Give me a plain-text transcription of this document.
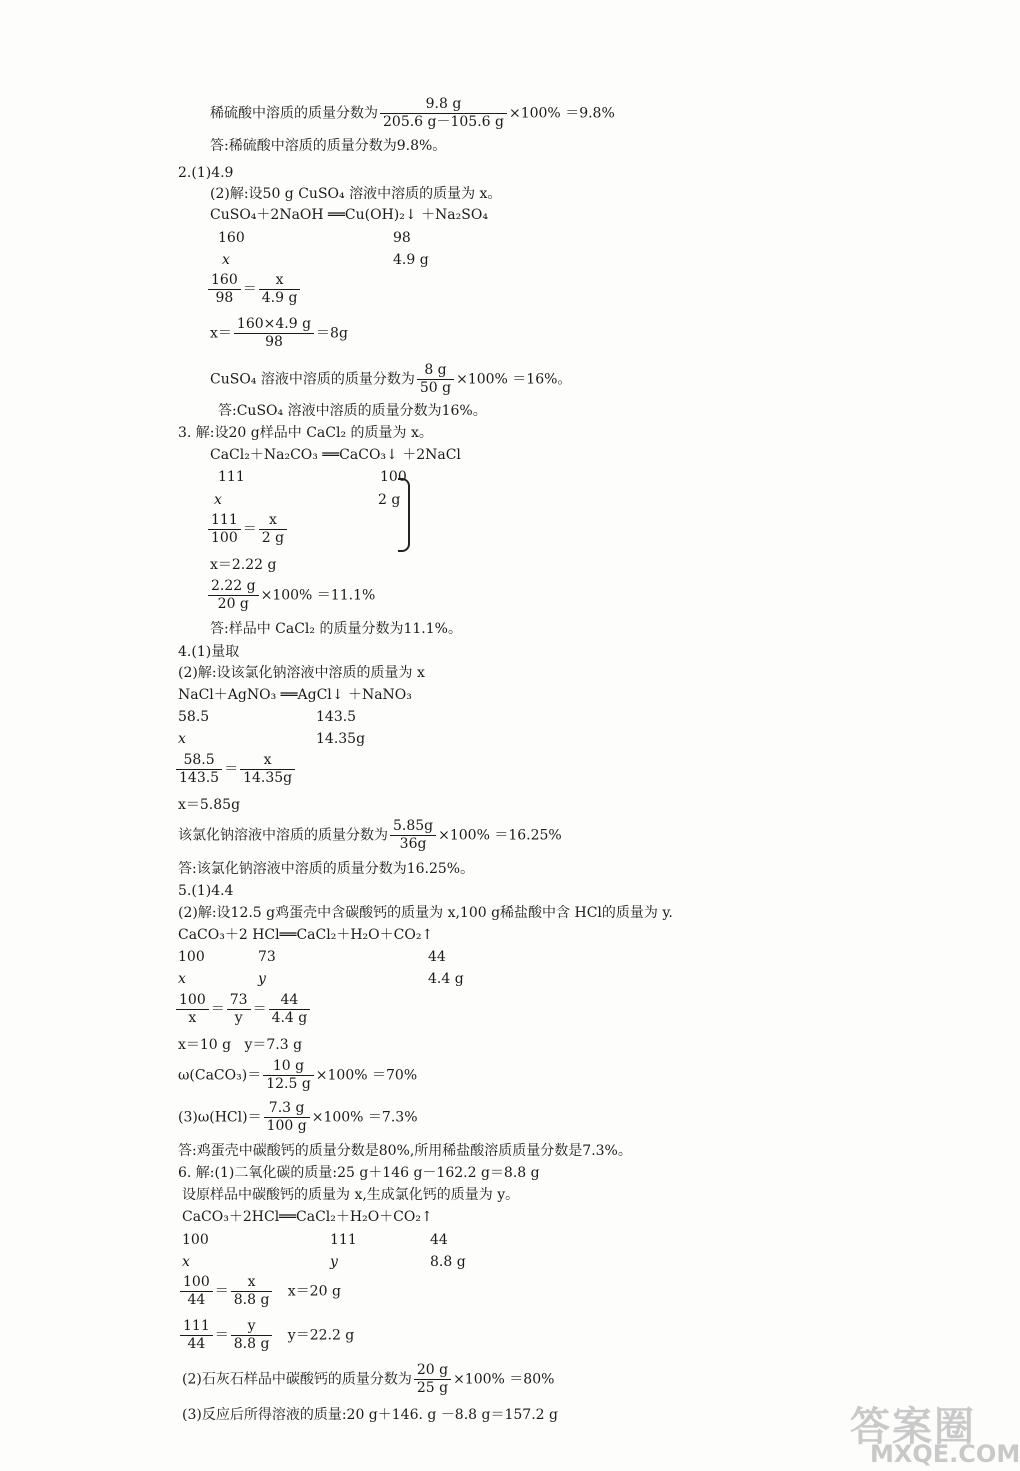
稀硫酸中溶质的质量分数为 $\frac{9.8 g}{205.6 g-105.6 g} \times 100\% =9.8\%$
答:稀硫酸中溶质的质量分数为9.8%。
2.(1)4.9
(2)解:设50 g CuSO₄ 溶液中溶质的质量为 x。
CuSO₄＋2NaOH ══Cu(OH)₂↓ ＋Na₂SO₄
160	98
x	4.9 g
$\frac{160}{98} = \frac{x}{4.9 g}$
$x= \frac{160\times 4.9 g}{98} =8g$
CuSO₄ 溶液中溶质的质量分数为 $\frac{8 g}{50 g} \times 100\% =16\%$。
答:CuSO₄ 溶液中溶质的质量分数为16%。
3. 解:设20 g样品中 CaCl₂ 的质量为 x。
CaCl₂＋Na₂CO₃ ══CaCO₃↓ ＋2NaCl
111	100
x	2 g
$\frac{111}{100} = \frac{x}{2 g}$
x＝2.22 g
$\frac{2.22 g}{20 g} \times 100\% =11.1\%$
答:样品中 CaCl₂ 的质量分数为11.1%。
4.(1)量取
(2)解:设该氯化钠溶液中溶质的质量为 x
NaCl＋AgNO₃ ══AgCl↓ ＋NaNO₃
58.5	143.5
x	14.35g
$\frac{58.5}{143.5} = \frac{x}{14.35g}$
x＝5.85g
该氯化钠溶液中溶质的质量分数为 $\frac{5.85g}{36g} \times 100\% =16.25\%$
答:该氯化钠溶液中溶质的质量分数为16.25%。
5.(1)4.4
(2)解:设12.5 g鸡蛋壳中含碳酸钙的质量为 x,100 g稀盐酸中含 HCl的质量为 y.
CaCO₃＋2 HCl══CaCl₂＋H₂O＋CO₂↑
100	73	44
x	y	4.4 g
$\frac{100}{x} = \frac{73}{y} = \frac{44}{4.4 g}$
x＝10 g   y＝7.3 g
ω(CaCO₃)＝ $\frac{10 g}{12.5 g} \times 100\% =70\%$
$(3)\omega(HCl)= \frac{7.3 g}{100 g} \times 100\% =7.3\%$
答:鸡蛋壳中碳酸钙的质量分数是80%,所用稀盐酸溶质质量分数是7.3%。
6. 解:(1)二氧化碳的质量:25 g＋146 g－162.2 g＝8.8 g
设原样品中碳酸钙的质量为 x,生成氯化钙的质量为 y。
CaCO₃＋2HCl══CaCl₂＋H₂O＋CO₂↑
100	111	44
x	y	8.8 g
$\frac{100}{44} = \frac{x}{8.8 g} x=20$ g
$\frac{111}{44} = \frac{y}{8.8 g} y=22.2$ g
(2)石灰石样品中碳酸钙的质量分数为 $\frac{20 g}{25 g} \times 100\% =80\%$
(3)反应后所得溶液的质量:20 g＋146. g －8.8 g＝157.2 g	答案圈
MXQE.COM
